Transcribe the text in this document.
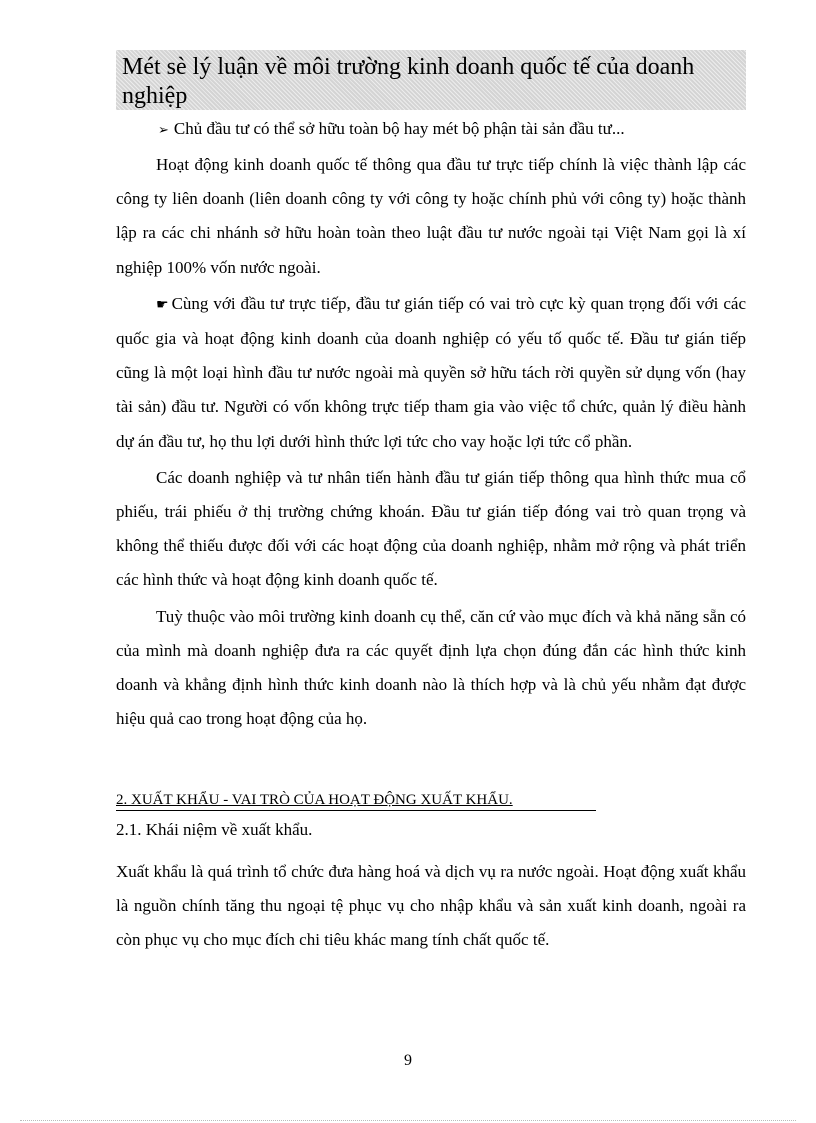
Mét sè lý luận về môi trường kinh doanh quốc tế của doanh nghiệp
➢ Chủ đầu tư có thể sở hữu toàn bộ hay mét bộ phận tài sản đầu tư...

Hoạt động kinh doanh quốc tế thông qua đầu tư trực tiếp chính là việc thành lập các công ty liên doanh (liên doanh công ty với công ty hoặc chính phủ với công ty) hoặc thành lập ra các chi nhánh sở hữu hoàn toàn theo luật đầu tư nước ngoài tại Việt Nam gọi là xí nghiệp 100% vốn nước ngoài.

☛ Cùng với đầu tư trực tiếp, đầu tư gián tiếp có vai trò cực kỳ quan trọng đối với các quốc gia và hoạt động kinh doanh của doanh nghiệp có yếu tố quốc tế. Đầu tư gián tiếp cũng là một loại hình đầu tư nước ngoài mà quyền sở hữu tách rời quyền sử dụng vốn (hay tài sản) đầu tư. Người có vốn không trực tiếp tham gia vào việc tổ chức, quản lý điều hành dự án đầu tư, họ thu lợi dưới hình thức lợi tức cho vay hoặc lợi tức cổ phần.

Các doanh nghiệp và tư nhân tiến hành đầu tư gián tiếp thông qua hình thức mua cổ phiếu, trái phiếu ở thị trường chứng khoán. Đầu tư gián tiếp đóng vai trò quan trọng và không thể thiếu được đối với các hoạt động của doanh nghiệp, nhằm mở rộng và phát triển các hình thức và hoạt động kinh doanh quốc tế.

Tuỳ thuộc vào môi trường kinh doanh cụ thể, căn cứ vào mục đích và khả năng sẵn có của mình mà doanh nghiệp đưa ra các quyết định lựa chọn đúng đắn các hình thức kinh doanh và khẳng định hình thức kinh doanh nào là thích hợp và là chủ yếu nhằm đạt được hiệu quả cao trong hoạt động của họ.

2. XUẤT KHẨU - VAI TRÒ CỦA HOẠT ĐỘNG XUẤT KHẨU.
2.1. Khái niệm về xuất khẩu.

Xuất khẩu là quá trình tổ chức đưa hàng hoá và dịch vụ ra nước ngoài. Hoạt động xuất khẩu là nguồn chính tăng thu ngoại tệ phục vụ cho nhập khẩu và sản xuất kinh doanh, ngoài ra còn phục vụ cho mục đích chi tiêu khác mang tính chất quốc tế.

9
